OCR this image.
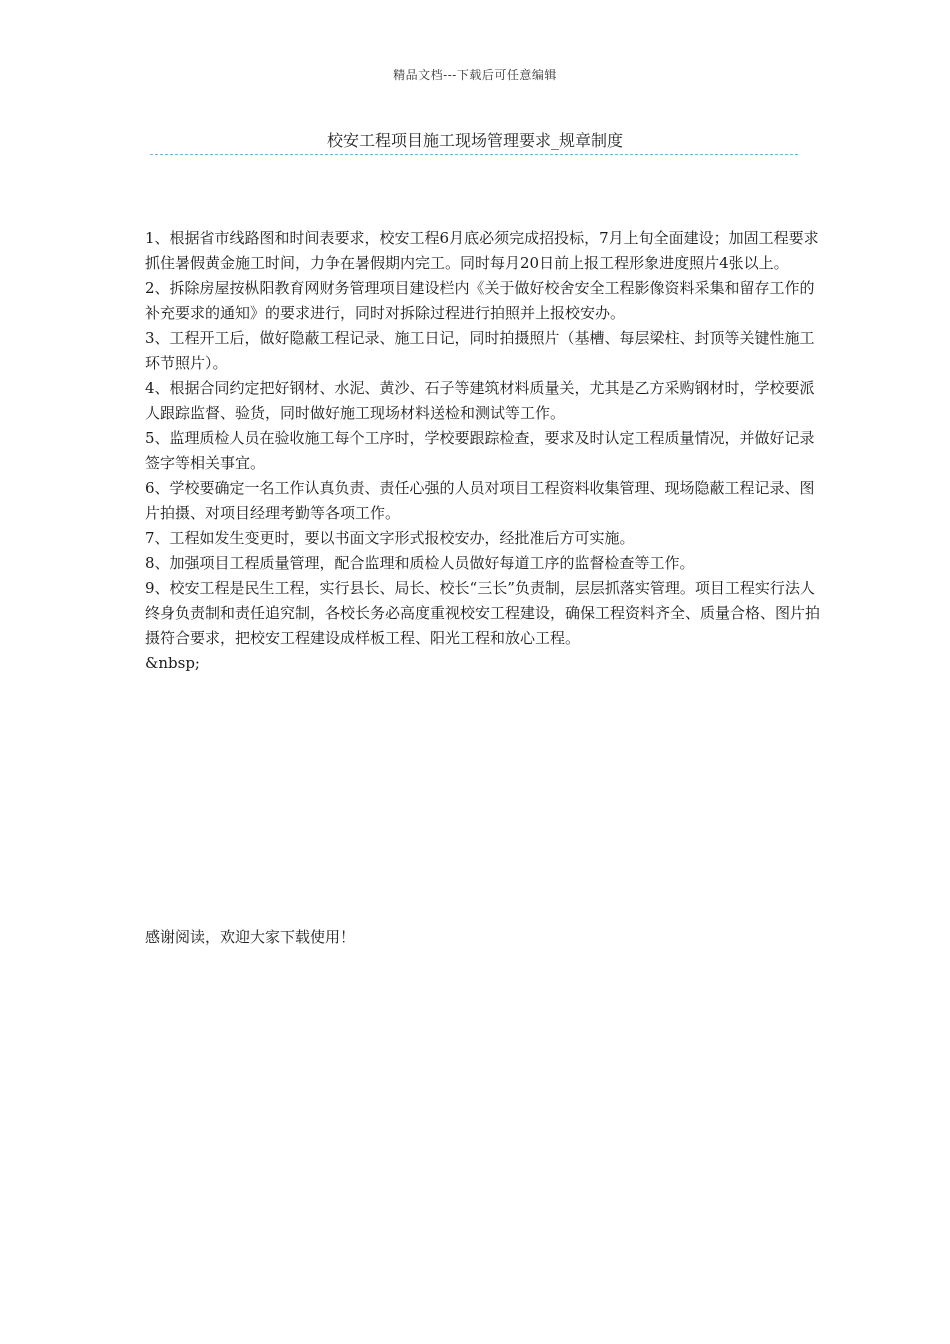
精品文档---下载后可任意编辑
校安工程项目施工现场管理要求_规章制度

1、根据省市线路图和时间表要求，校安工程6月底必须完成招投标，7月上旬全面建设；加固工程要求抓住暑假黄金施工时间，力争在暑假期内完工。同时每月20日前上报工程形象进度照片4张以上。

2、拆除房屋按枞阳教育网财务管理项目建设栏内《关于做好校舍安全工程影像资料采集和留存工作的补充要求的通知》的要求进行，同时对拆除过程进行拍照并上报校安办。

3、工程开工后，做好隐蔽工程记录、施工日记，同时拍摄照片（基槽、每层梁柱、封顶等关键性施工环节照片）。

4、根据合同约定把好钢材、水泥、黄沙、石子等建筑材料质量关，尤其是乙方采购钢材时，学校要派人跟踪监督、验货，同时做好施工现场材料送检和测试等工作。

5、监理质检人员在验收施工每个工序时，学校要跟踪检查，要求及时认定工程质量情况，并做好记录签字等相关事宜。

6、学校要确定一名工作认真负责、责任心强的人员对项目工程资料收集管理、现场隐蔽工程记录、图片拍摄、对项目经理考勤等各项工作。

7、工程如发生变更时，要以书面文字形式报校安办，经批准后方可实施。

8、加强项目工程质量管理，配合监理和质检人员做好每道工序的监督检查等工作。

9、校安工程是民生工程，实行县长、局长、校长“三长”负责制，层层抓落实管理。项目工程实行法人终身负责制和责任追究制，各校长务必高度重视校安工程建设，确保工程资料齐全、质量合格、图片拍摄符合要求，把校安工程建设成样板工程、阳光工程和放心工程。

&nbsp;

感谢阅读，欢迎大家下载使用！
